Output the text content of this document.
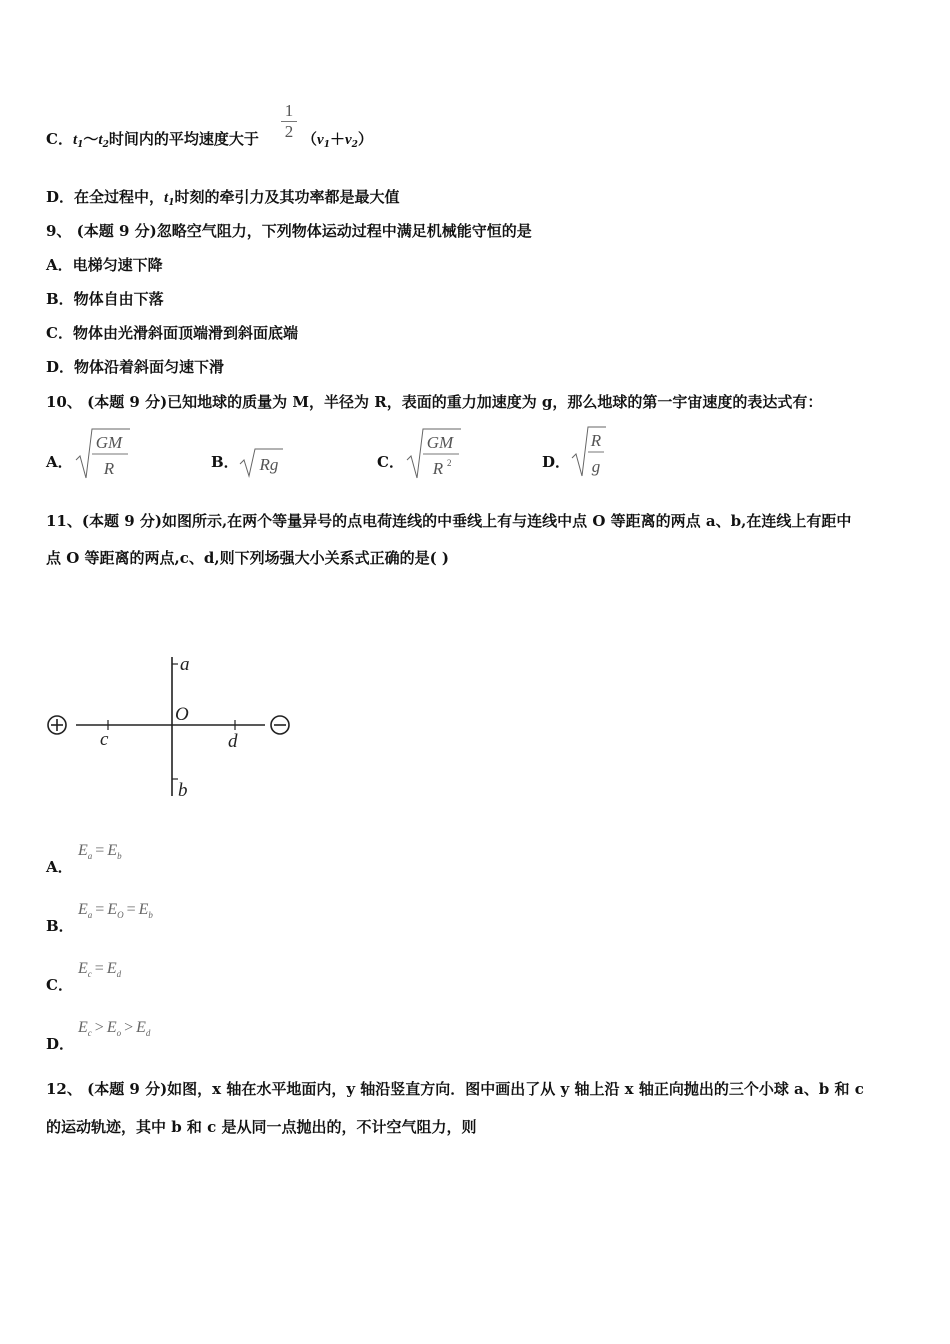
C．$t_1\sim t_2$时间内的平均速度大于 $\frac{1}{2} (v_1+v_2)$
D．在全过程中，$t_1$时刻的牵引力及其功率都是最大值
9、 (本题 9 分)忽略空气阻力，下列物体运动过程中满足机械能守恒的是
A．电梯匀速下降
B．物体自由下落
C．物体由光滑斜面顶端滑到斜面底端
D．物体沿着斜面匀速下滑
10、 (本题 9 分)已知地球的质量为 M，半径为 R，表面的重力加速度为 g，那么地球的第一宇宙速度的表达式有：
A．
GM
R	B． Rg	C．
GM
R 2	D．
R
g
11、(本题 9 分)如图所示,在两个等量异号的点电荷连线的中垂线上有与连线中点 O 等距离的两点 a、b,在连线上有距中
点 O 等距离的两点,c、d,则下列场强大小关系式正确的是( )
a
O
c	d
b
A．
$E_a = E_b$
B．
$E_a = E_O = E_b$
C．
$E_c = E_d$
D．
$E_c > E_o > E_d$
12、 (本题 9 分)如图，x 轴在水平地面内，y 轴沿竖直方向．图中画出了从 y 轴上沿 x 轴正向抛出的三个小球 a、b 和 c
的运动轨迹，其中 b 和 c 是从同一点抛出的，不计空气阻力，则
